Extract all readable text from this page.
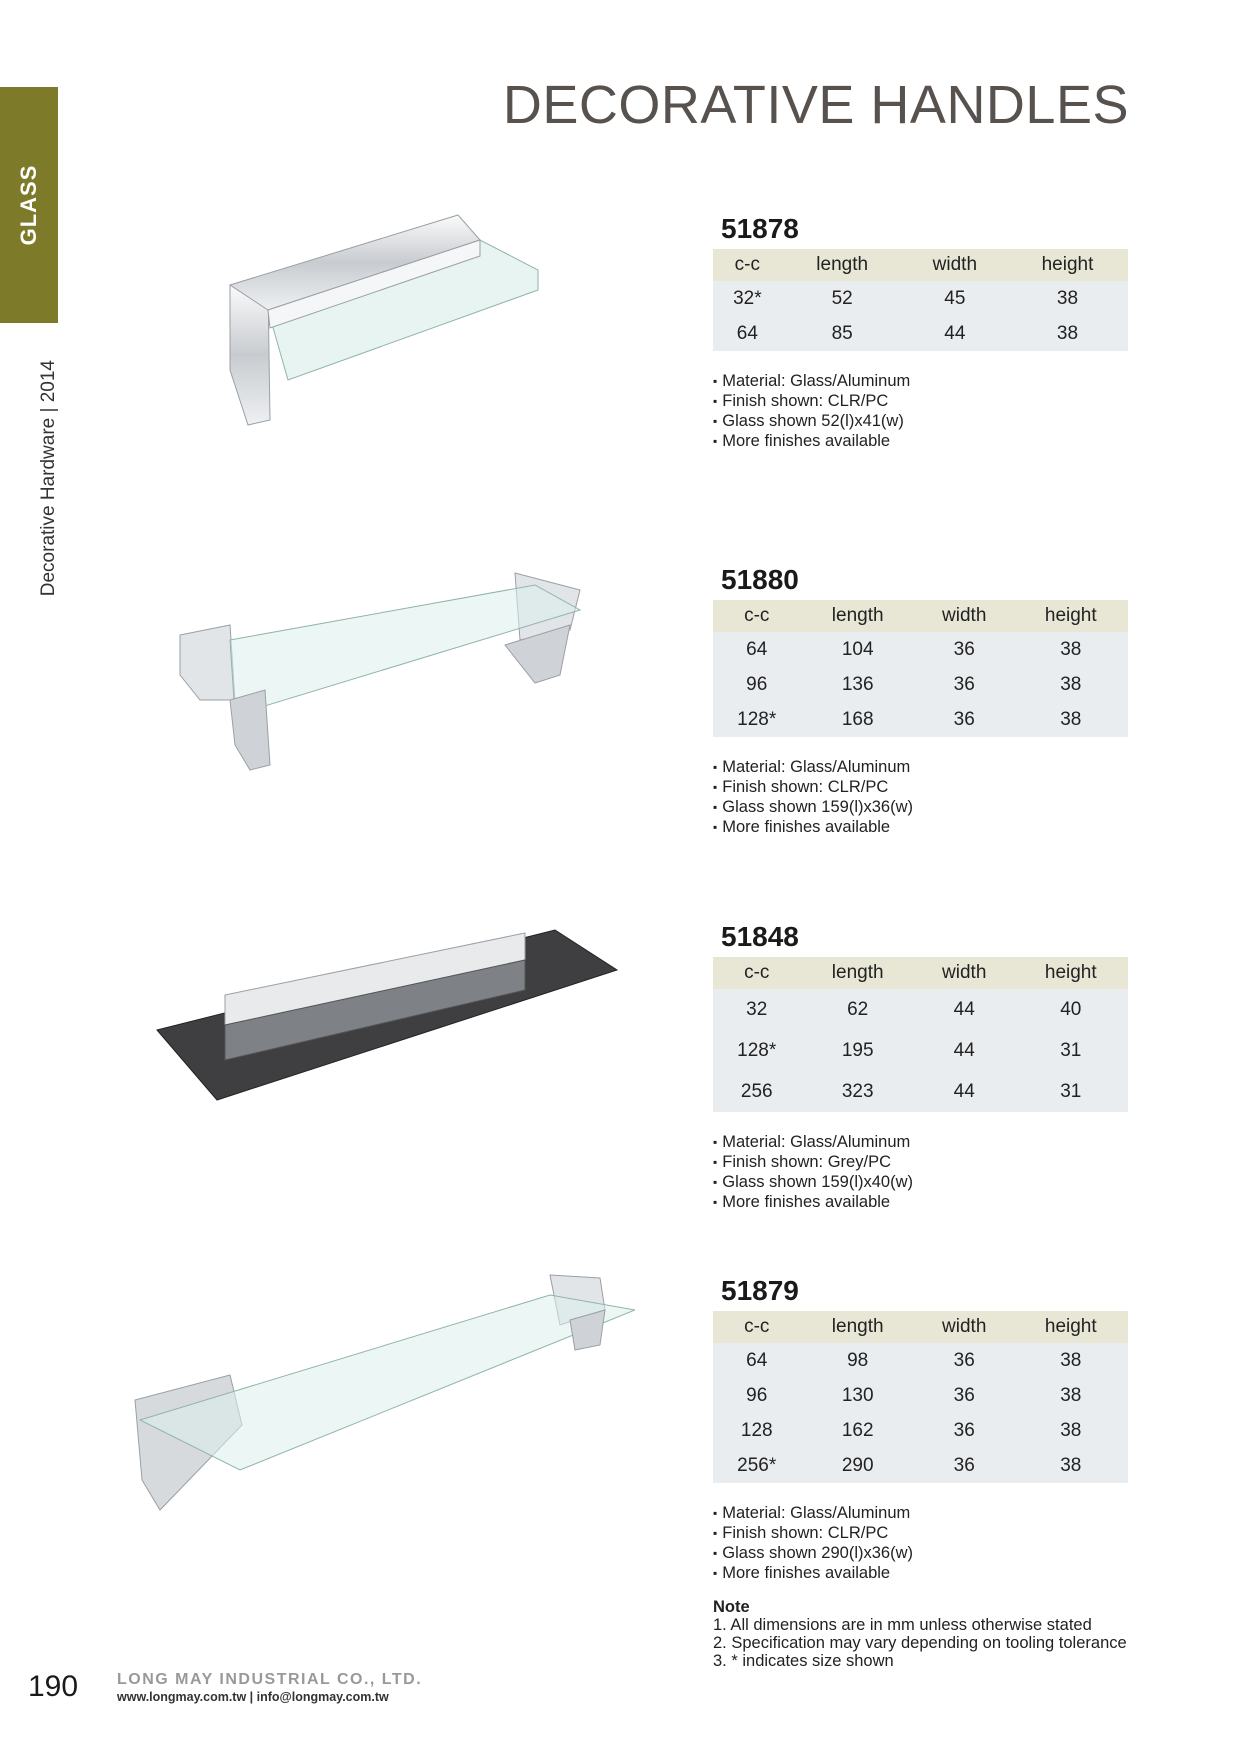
GLASS
Decorative Hardware | 2014
DECORATIVE HANDLES
51878
c-c	length	width	height
32*	52	45	38
64	85	44	38
▪ Material: Glass/Aluminum
▪ Finish shown: CLR/PC
▪ Glass shown 52(l)x41(w)
▪ More finishes available
51880
c-c	length	width	height
64	104	36	38
96	136	36	38
128*	168	36	38
▪ Material: Glass/Aluminum
▪ Finish shown: CLR/PC
▪ Glass shown 159(l)x36(w)
▪ More finishes available
51848
c-c	length	width	height
32	62	44	40
128*	195	44	31
256	323	44	31
▪ Material: Glass/Aluminum
▪ Finish shown: Grey/PC
▪ Glass shown 159(l)x40(w)
▪ More finishes available
51879
c-c	length	width	height
64	98	36	38
96	130	36	38
128	162	36	38
256*	290	36	38
▪ Material: Glass/Aluminum
▪ Finish shown: CLR/PC
▪ Glass shown 290(l)x36(w)
▪ More finishes available
Note
1. All dimensions are in mm unless otherwise stated
2. Specification may vary depending on tooling tolerance
3. * indicates size shown
190 LONG MAY INDUSTRIAL CO., LTD.
www.longmay.com.tw | info@longmay.com.tw
